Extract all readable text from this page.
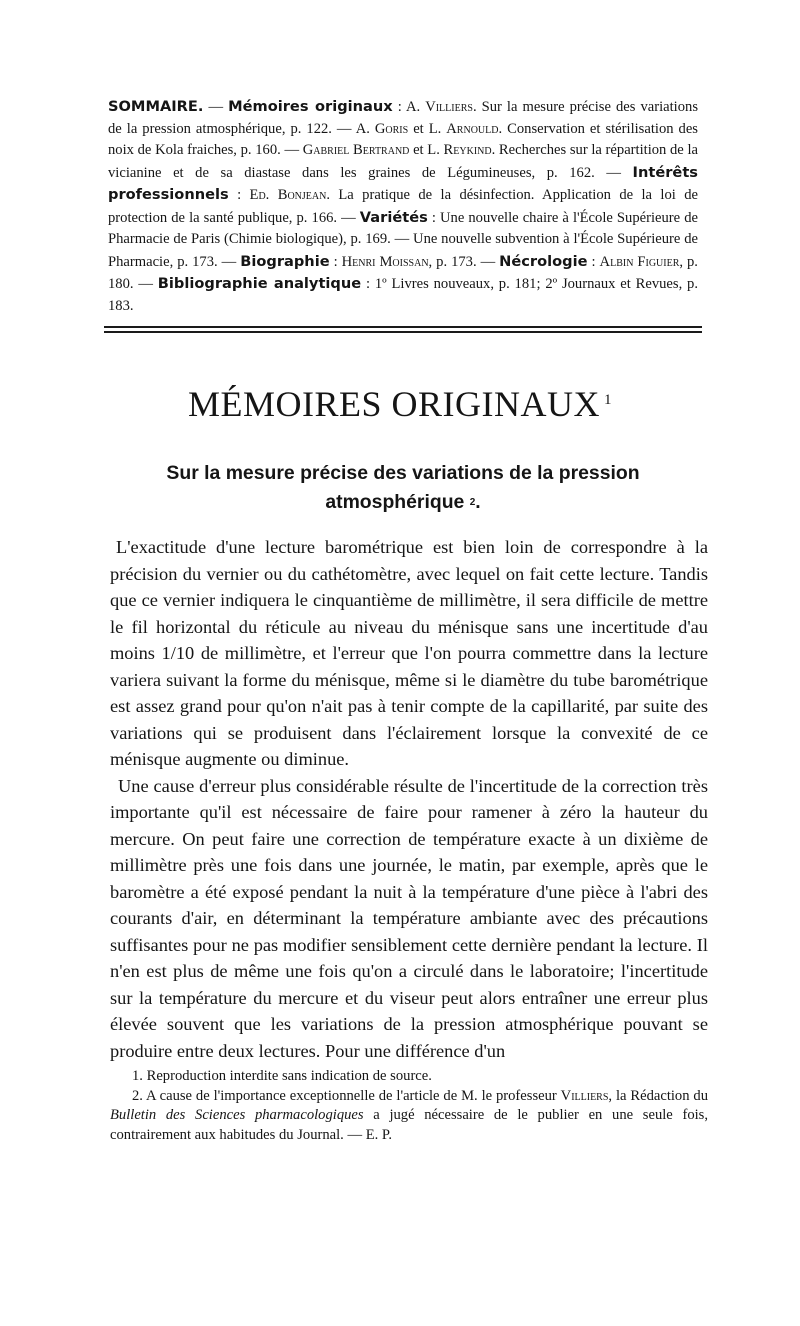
SOMMAIRE. — Mémoires originaux : A. Villiers. Sur la mesure précise des variations de la pression atmosphérique, p. 122. — A. Goris et L. Arnould. Conservation et stérilisation des noix de Kola fraiches, p. 160. — Gabriel Bertrand et L. Reykind. Recherches sur la répartition de la vicianine et de sa diastase dans les graines de Légumineuses, p. 162. — Intérêts professionnels : Ed. Bonjean. La pratique de la désinfection. Application de la loi de protection de la santé publique, p. 166. — Variétés : Une nouvelle chaire à l'École Supérieure de Pharmacie de Paris (Chimie biologique), p. 169. — Une nouvelle subvention à l'École Supérieure de Pharmacie, p. 173. — Biographie : Henri Moissan, p. 173. — Nécrologie : Albin Figuier, p. 180. — Bibliographie analytique : 1º Livres nouveaux, p. 181; 2º Journaux et Revues, p. 183.
MÉMOIRES ORIGINAUX $^1$
Sur la mesure précise des variations de la pression atmosphérique $^2$.

L'exactitude d'une lecture barométrique est bien loin de correspondre à la précision du vernier ou du cathétomètre, avec lequel on fait cette lecture. Tandis que ce vernier indiquera le cinquantième de millimètre, il sera difficile de mettre le fil horizontal du réticule au niveau du ménisque sans une incertitude d'au moins 1/10 de millimètre, et l'erreur que l'on pourra commettre dans la lecture variera suivant la forme du ménisque, même si le diamètre du tube barométrique est assez grand pour qu'on n'ait pas à tenir compte de la capillarité, par suite des variations qui se produisent dans l'éclairement lorsque la convexité de ce ménisque augmente ou diminue.

Une cause d'erreur plus considérable résulte de l'incertitude de la correction très importante qu'il est nécessaire de faire pour ramener à zéro la hauteur du mercure. On peut faire une correction de température exacte à un dixième de millimètre près une fois dans une journée, le matin, par exemple, après que le baromètre a été exposé pendant la nuit à la température d'une pièce à l'abri des courants d'air, en déterminant la température ambiante avec des précautions suffisantes pour ne pas modifier sensiblement cette dernière pendant la lecture. Il n'en est plus de même une fois qu'on a circulé dans le laboratoire; l'incertitude sur la température du mercure et du viseur peut alors entraîner une erreur plus élevée souvent que les variations de la pression atmosphérique pouvant se produire entre deux lectures. Pour une différence d'un

1. Reproduction interdite sans indication de source.

2. A cause de l'importance exceptionnelle de l'article de M. le professeur Villiers, la Rédaction du Bulletin des Sciences pharmacologiques a jugé nécessaire de le publier en une seule fois, contrairement aux habitudes du Journal. — E. P.
